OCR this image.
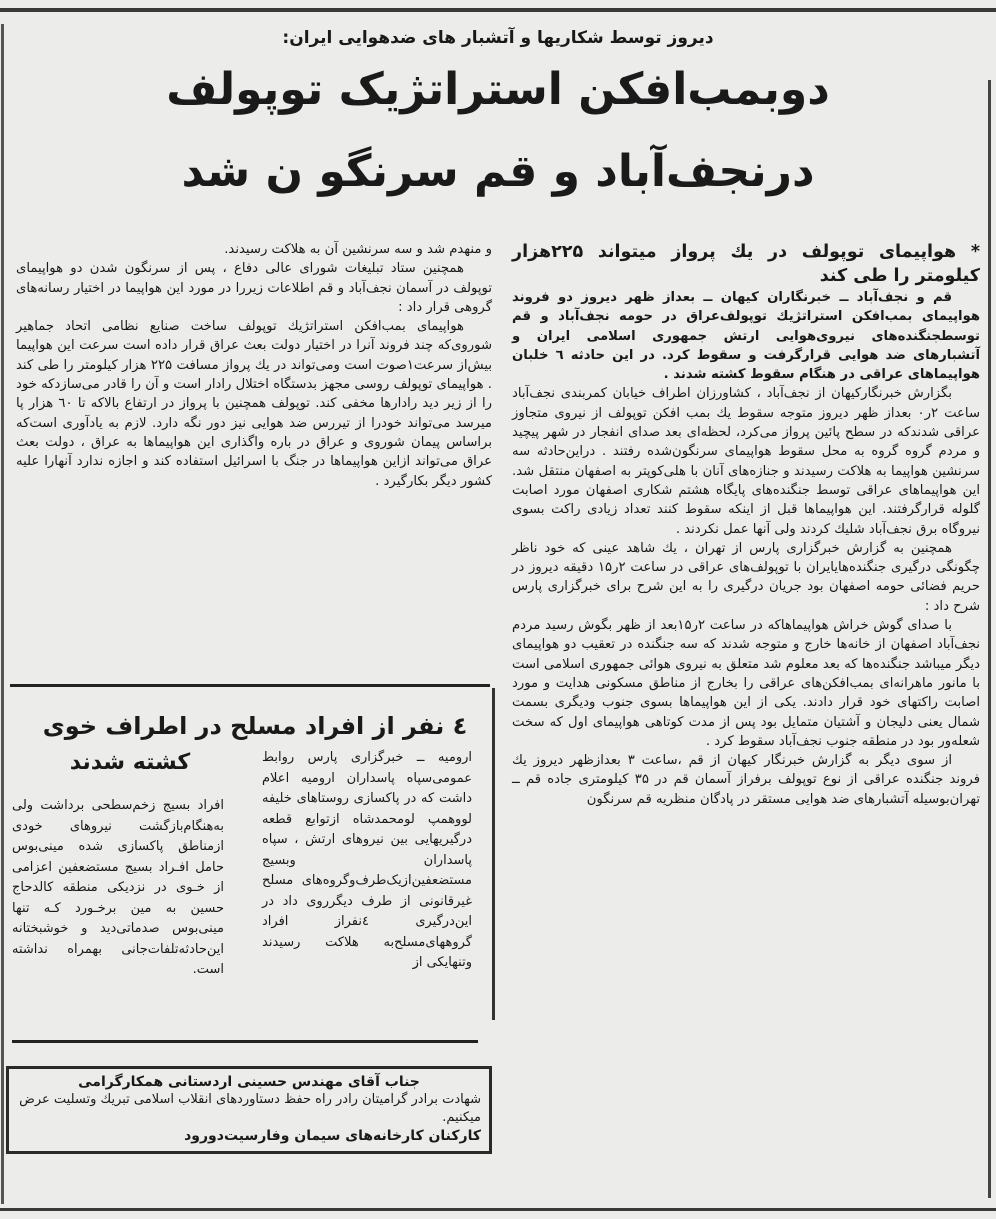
دیروز توسط شکاریها و آتشبار های ضدهوایی ایران:
دوبمب‌افکن استراتژیک توپولف
درنجف‌آباد و قم سرنگو ن شد

* هواپیمای توپولف در یك پرواز میتواند ۲۲۵هزار کیلومتر را طی کند

قم و نجف‌آباد ــ خبرنگاران کیهان ــ بعداز ظهر دیروز دو فروند هواپیمای بمب‌افکن استراتژیك توپولف‌عراق در حومه نجف‌آباد و قم توسطجنگنده‌های نیروی‌هوایی ارتش جمهوری اسلامی ایران و آتشبارهای ضد هوایی قرارگرفت و سقوط کرد. در این حادثه ٦ خلبان هواپیماهای عراقی در هنگام سقوط کشته شدند .

بگزارش خبرنگارکیهان از نجف‌آباد ، کشاورزان اطراف خیابان کمربندی نجف‌آباد ساعت ۲ر۰ بعداز ظهر دیروز متوجه سقوط یك بمب افکن توپولف از نیروی متجاوز عراقی شدندکه در سطح پائین پرواز می‌کرد، لحظه‌ای بعد صدای انفجار در شهر پیچید و مردم گروه گروه به محل سقوط هواپیمای سرنگون‌شده رفتند . دراین‌حادثه سه سرنشین هواپیما به هلاکت رسیدند و جنازه‌های آنان با هلی‌کوپتر به اصفهان منتقل شد. این هواپیماهای عراقی توسط جنگنده‌های پایگاه هشتم شکاری اصفهان مورد اصابت گلوله قرارگرفتند. این هواپیماها قبل از اینکه سقوط کنند تعداد زیادی راکت بسوی نیروگاه برق نجف‌آباد شلیك کردند ولی آنها عمل نکردند .

همچنین به گزارش خبرگزاری پارس از تهران ، یك شاهد عینی که خود ناظر چگونگی درگیری جنگنده‌هایایران با توپولف‌های عراقی در ساعت ۲ر۱۵ دقیقه دیروز در حریم فضائی حومه اصفهان بود جریان درگیری را به این شرح برای خبرگزاری پارس شرح داد :

با صدای گوش خراش هواپیماهاکه در ساعت ۲ر۱۵بعد از ظهر بگوش رسید مردم نجف‌آباد اصفهان از خانه‌ها خارج و متوجه شدند که سه جنگنده در تعقیب دو هواپیمای دیگر میباشد جنگنده‌ها که بعد معلوم شد متعلق به نیروی هوائی جمهوری اسلامی است با مانور ماهرانه‌ای بمب‌افکن‌های عراقی را بخارج از مناطق مسکونی هدایت و مورد اصابت راکتهای خود قرار دادند. یکی از این هواپیماها بسوی جنوب ودیگری بسمت شمال یعنی دلیجان و آشتیان متمایل بود پس از مدت کوتاهی هواپیمای اول که سخت شعله‌ور بود در منطقه جنوب نجف‌آباد سقوط کرد .

از سوی دیگر به گزارش خبرنگار کیهان از قم ،ساعت ۳ بعدازظهر دیروز یك فروند جنگنده عراقی از نوع توپولف برفراز آسمان قم در ۳۵ کیلومتری جاده قم ــ تهران‌بوسیله آتشبارهای ضد هوایی مستقر در پادگان منظریه قم سرنگون

و منهدم شد و سه سرنشین آن به هلاکت رسیدند.

همچنین ستاد تبلیغات شورای عالی دفاع ، پس از سرنگون شدن دو هواپیمای توپولف در آسمان نجف‌آباد و قم اطلاعات زیررا در مورد این هواپیما در اختیار رسانه‌های گروهی قرار داد :

هواپیمای بمب‌افکن استراتژیك توپولف ساخت صنایع نظامی اتحاد جماهیر شوروی‌که چند فروند آنرا در اختیار دولت بعث عراق قرار داده است سرعت این هواپیما بیش‌از سرعت‌۱صوت است ومی‌تواند در یك پرواز مسافت ۲۲۵ هزار کیلومتر را طی کند . هواپیمای توپولف روسی مجهز بدستگاه اختلال رادار است و آن را قادر می‌سازدکه خود را از زیر دید رادارها مخفی کند. توپولف همچنین با پرواز در ارتفاع بالاکه تا ٦۰ هزار پا میرسد می‌تواند خودرا از تیررس ضد هوایی نیز دور نگه دارد. لازم به یادآوری است‌که براساس پیمان شوروی و عراق در باره واگذاری این هواپیماها به عراق ، دولت بعث عراق می‌تواند ازاین هواپیماها در جنگ با اسرائیل استفاده کند و اجازه ندارد آنهارا علیه کشور دیگر بکارگیرد .

٤ نفر از افراد مسلح در اطراف خوی
کشته شدند	ارومیه ــ خبرگزاری پارس روابط عمومی‌سپاه پاسداران ارومیه اعلام داشت که در پاکسازی روستاهای خلیفه لووهمپ لومحمدشاه ازتوابع قطعه درگیریهایی بین نیروهای ارتش ، سپاه پاسداران وبسیج مستضعفین‌ازیک‌طرف‌وگروه‌های مسلح غیرقانونی از طرف دیگرروی داد در این‌درگیری ٤نفراز افراد گروههای‌مسلح‌به هلاکت رسیدند وتنهایکی از
افراد بسیج زخم‌سطحی برداشت ولی به‌هنگام‌بازگشت نیروهای خودی ازمناطق پاکسازی شده مینی‌بوس حامل افـراد بسیج مستضعفین اعزامی از خـوی در نزدیکی منطقه کالدحاج حسین به مین برخـورد کـه تنها مینی‌بوس صدماتی‌دید و خوشبختانه این‌حادثه‌تلفات‌جانی بهمراه نداشته است.
جناب آقای مهندس حسینی اردستانی همکارگرامی
شهادت برادر گرامیتان رادر راه حفظ دستاوردهای انقلاب اسلامی تبریك وتسلیت عرض میکنیم.
کارکنان کارخانه‌های سیمان وفارسیت‌دورود
